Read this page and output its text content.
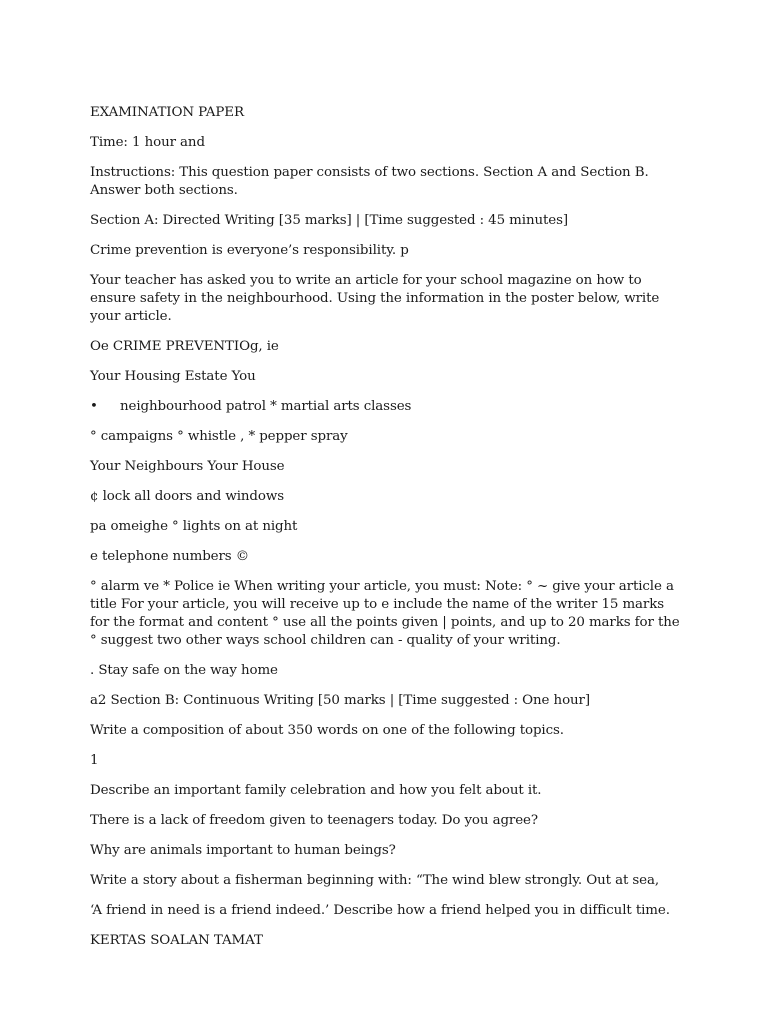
EXAMINATION PAPER

Time: 1 hour and

Instructions: This question paper consists of two sections. Section A and Section B. Answer both sections.

Section A: Directed Writing [35 marks] | [Time suggested : 45 minutes]

Crime prevention is everyone’s responsibility. p

Your teacher has asked you to write an article for your school magazine on how to ensure safety in the neighbourhood. Using the information in the poster below, write your article.

Oe CRIME PREVENTIOg, ie

Your Housing Estate You

•	neighbourhood patrol * martial arts classes

° campaigns ° whistle , * pepper spray

Your Neighbours Your House

¢ lock all doors and windows

pa omeighe ° lights on at night

e telephone numbers ©

° alarm ve * Police ie When writing your article, you must: Note: ° ~ give your article a title For your article, you will receive up to e include the name of the writer 15 marks for the format and content ° use all the points given | points, and up to 20 marks for the ° suggest two other ways school children can - quality of your writing.

. Stay safe on the way home

a2 Section B: Continuous Writing [50 marks | [Time suggested : One hour]

Write a composition of about 350 words on one of the following topics.

1

Describe an important family celebration and how you felt about it.

There is a lack of freedom given to teenagers today. Do you agree?

Why are animals important to human beings?

Write a story about a fisherman beginning with: “The wind blew strongly. Out at sea,

‘A friend in need is a friend indeed.’ Describe how a friend helped you in difficult time.

KERTAS SOALAN TAMAT
